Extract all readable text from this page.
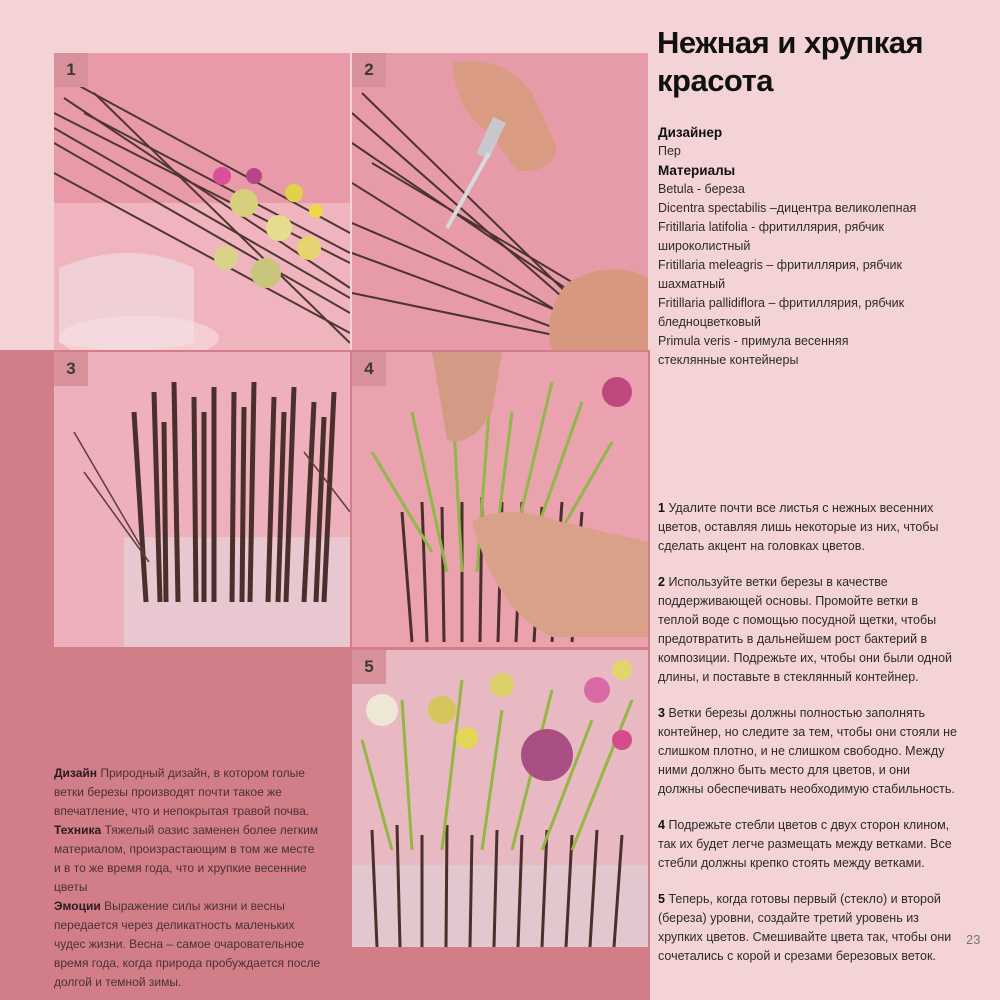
1	2
3	4
5
Нежная и хрупкая красота
Дизайнер
Пер
Материалы
Betula - береза
Dicentra spectabilis –дицентра великолепная
Fritillaria latifolia - фритиллярия, рябчик
широколистный
Fritillaria meleagris – фритиллярия, рябчик
шахматный
Fritillaria pallidiflora – фритиллярия, рябчик
бледноцветковый
Primula veris - примула весенняя
стеклянные контейнеры

1 Удалите почти все листья с нежных весенних цветов, оставляя лишь некоторые из них, чтобы сделать акцент на головках цветов.

2 Используйте ветки березы в качестве поддерживающей основы. Промойте ветки в теплой воде с помощью посудной щетки, чтобы предотвратить в дальнейшем рост бактерий в композиции. Подрежьте их, чтобы они были одной длины, и поставьте в стеклянный контейнер.

3 Ветки березы должны полностью заполнять контейнер, но следите за тем, чтобы они стояли не слишком плотно, и не слишком свободно. Между ними должно быть место для цветов, и они должны обеспечивать необходимую стабильность.

4 Подрежьте стебли цветов с двух сторон клином, так их будет легче размещать между ветками. Все стебли должны крепко стоять между ветками.

5 Теперь, когда готовы первый (стекло) и второй (береза) уровни, создайте третий уровень из хрупких цветов. Смешивайте цвета так, чтобы они сочетались с корой и срезами березовых веток.

Дизайн Природный дизайн, в котором голые ветки березы производят почти такое же впечатление, что и непокрытая травой почва.

Техника Тяжелый оазис заменен более легким материалом, произрастающим в том же месте и в то же время года, что и хрупкие весенние цветы

Эмоции Выражение силы жизни и весны передается через деликатность маленьких чудес жизни. Весна – самое очаровательное время года, когда природа пробуждается после долгой и темной зимы.

23
